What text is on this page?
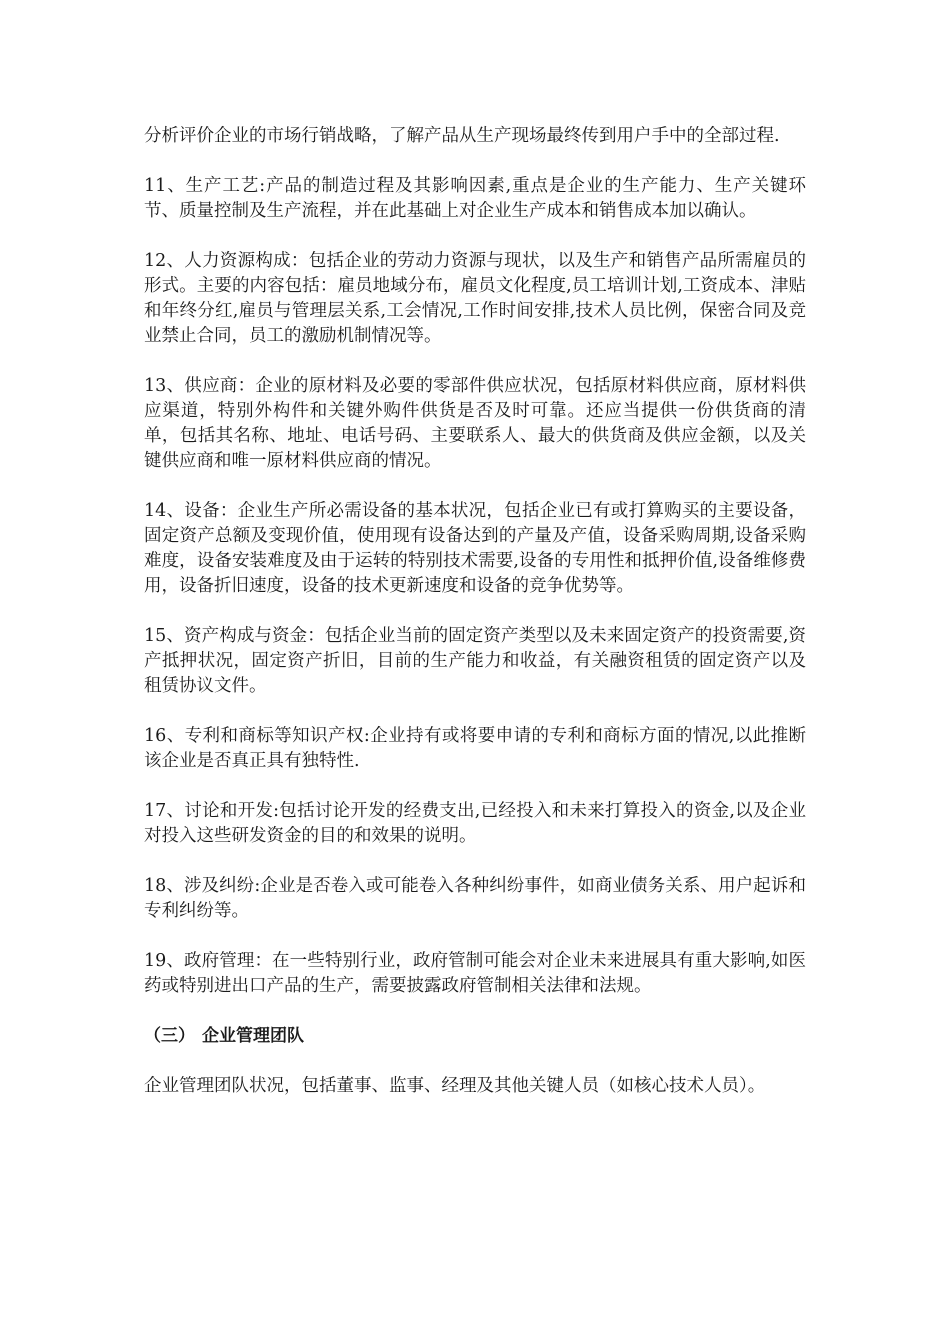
分析评价企业的市场行销战略，了解产品从生产现场最终传到用户手中的全部过程.

11、生产工艺:产品的制造过程及其影响因素,重点是企业的生产能力、生产关键环节、质量控制及生产流程，并在此基础上对企业生产成本和销售成本加以确认。

12、人力资源构成：包括企业的劳动力资源与现状，以及生产和销售产品所需雇员的形式。主要的内容包括：雇员地域分布，雇员文化程度,员工培训计划,工资成本、津贴和年终分红,雇员与管理层关系,工会情况,工作时间安排,技术人员比例，保密合同及竞业禁止合同，员工的激励机制情况等。

13、供应商：企业的原材料及必要的零部件供应状况，包括原材料供应商，原材料供应渠道，特别外构件和关键外购件供货是否及时可靠。还应当提供一份供货商的清单，包括其名称、地址、电话号码、主要联系人、最大的供货商及供应金额，以及关键供应商和唯一原材料供应商的情况。

14、设备：企业生产所必需设备的基本状况，包括企业已有或打算购买的主要设备，固定资产总额及变现价值，使用现有设备达到的产量及产值，设备采购周期,设备采购难度，设备安装难度及由于运转的特别技术需要,设备的专用性和抵押价值,设备维修费用，设备折旧速度，设备的技术更新速度和设备的竞争优势等。

15、资产构成与资金：包括企业当前的固定资产类型以及未来固定资产的投资需要,资产抵押状况，固定资产折旧，目前的生产能力和收益，有关融资租赁的固定资产以及租赁协议文件。

16、专利和商标等知识产权:企业持有或将要申请的专利和商标方面的情况,以此推断该企业是否真正具有独特性.

17、讨论和开发:包括讨论开发的经费支出,已经投入和未来打算投入的资金,以及企业对投入这些研发资金的目的和效果的说明。

18、涉及纠纷:企业是否卷入或可能卷入各种纠纷事件，如商业债务关系、用户起诉和专利纠纷等。

19、政府管理：在一些特别行业，政府管制可能会对企业未来进展具有重大影响,如医药或特别进出口产品的生产，需要披露政府管制相关法律和法规。

（三） 企业管理团队

企业管理团队状况，包括董事、监事、经理及其他关键人员（如核心技术人员）。
